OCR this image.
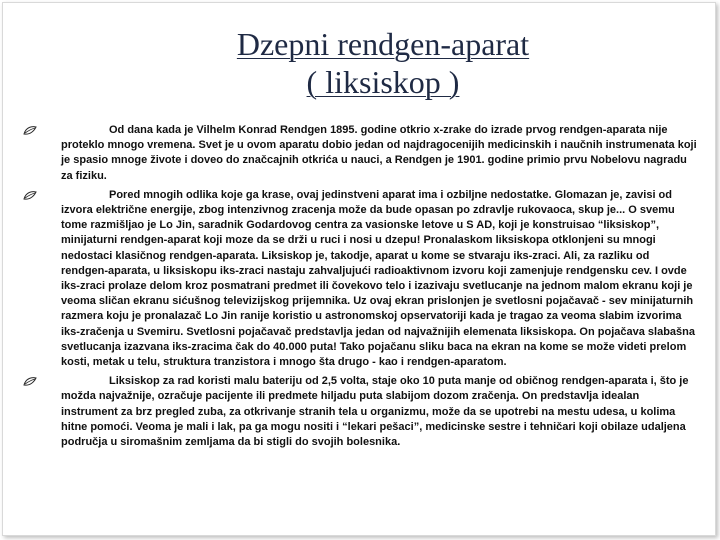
Dzepni rendgen-aparat
( liksiskop )
Od dana kada je Vilhelm Konrad Rendgen 1895. godine otkrio x-zrake do izrade prvog rendgen-aparata nije proteklo mnogo vremena. Svet je u ovom aparatu dobio jedan od najdragocenijih medicinskih i naučnih instrumenata koji je spasio mnoge živote i doveo do značcajnih otkrića u nauci, a Rendgen je 1901. godine primio prvu Nobelovu nagradu za fiziku.
Pored mnogih odlika koje ga krase, ovaj jedinstveni aparat ima i ozbiljne nedostatke. Glomazan je, zavisi od izvora električne energije, zbog intenzivnog zracenja može da bude opasan po zdravlje rukovaoca, skup je... O svemu tome razmišljao je Lo Jin, saradnik Godardovog centra za vasionske letove u S AD, koji je konstruisao “liksiskop”, minijaturni rendgen-aparat koji moze da se drži u ruci i nosi u dzepu! Pronalaskom liksiskopa otklonjeni su mnogi nedostaci klasičnog rendgen-aparata. Liksiskop je, takodje, aparat u kome se stvaraju iks-zraci. Ali, za razliku od rendgen-aparata, u liksiskopu iks-zraci nastaju zahvaljujući radioaktivnom izvoru koji zamenjuje rendgensku cev. I ovde iks-zraci prolaze delom kroz posmatrani predmet ili čovekovo telo i izazivaju svetlucanje na jednom malom ekranu koji je veoma sličan ekranu sićušnog televizijskog prijemnika. Uz ovaj ekran prislonjen je svetlosni pojačavač - sev minijaturnih razmera koju je pronalazač Lo Jin ranije koristio u astronomskoj opservatoriji kada je tragao za veoma slabim izvorima iks-zračenja u Svemiru. Svetlosni pojačavač predstavlja jedan od najvažnijih elemenata liksiskopa. On pojačava slabašna svetlucanja izazvana iks-zracima čak do 40.000 puta! Tako pojačanu sliku baca na ekran na kome se može videti prelom kosti, metak u telu, struktura tranzistora i mnogo šta drugo - kao i rendgen-aparatom.
Liksiskop za rad koristi malu bateriju od 2,5 volta, staje oko 10 puta manje od običnog rendgen-aparata i, što je možda najvažnije, ozračuje pacijente ili predmete hiljadu puta slabijom dozom zračenja. On predstavlja idealan instrument za brz pregled zuba, za otkrivanje stranih tela u organizmu, može da se upotrebi na mestu udesa, u kolima hitne pomoći. Veoma je mali i lak, pa ga mogu nositi i “lekari pešaci”, medicinske sestre i tehničari koji obilaze udaljena područja u siromašnim zemljama da bi stigli do svojih bolesnika.
